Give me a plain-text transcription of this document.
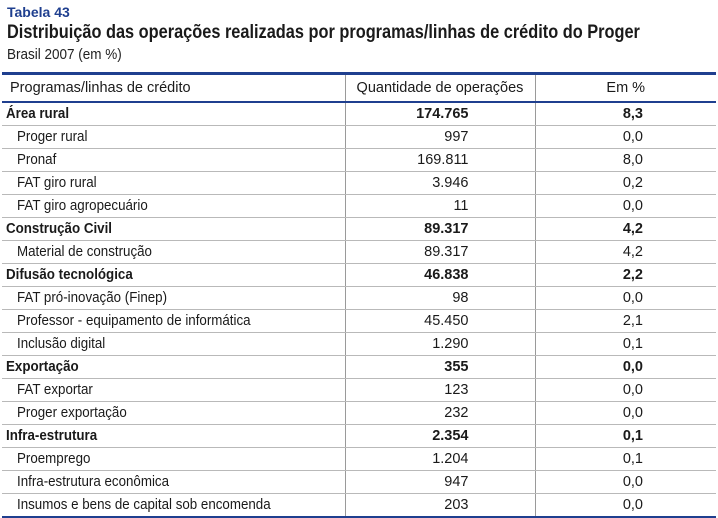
Tabela 43
Distribuição das operações realizadas por programas/linhas de crédito do Proger
Brasil 2007 (em %)
Programas/linhas de crédito	Quantidade de operações	Em %
Área rural	174.765	8,3
Proger rural	997	0,0
Pronaf	169.811	8,0
FAT giro rural	3.946	0,2
FAT giro agropecuário	11	0,0
Construção Civil	89.317	4,2
Material de construção	89.317	4,2
Difusão tecnológica	46.838	2,2
FAT pró-inovação (Finep)	98	0,0
Professor - equipamento de informática	45.450	2,1
Inclusão digital	1.290	0,1
Exportação	355	0,0
FAT exportar	123	0,0
Proger exportação	232	0,0
Infra-estrutura	2.354	0,1
Proemprego	1.204	0,1
Infra-estrutura econômica	947	0,0
Insumos e bens de capital sob encomenda	203	0,0
